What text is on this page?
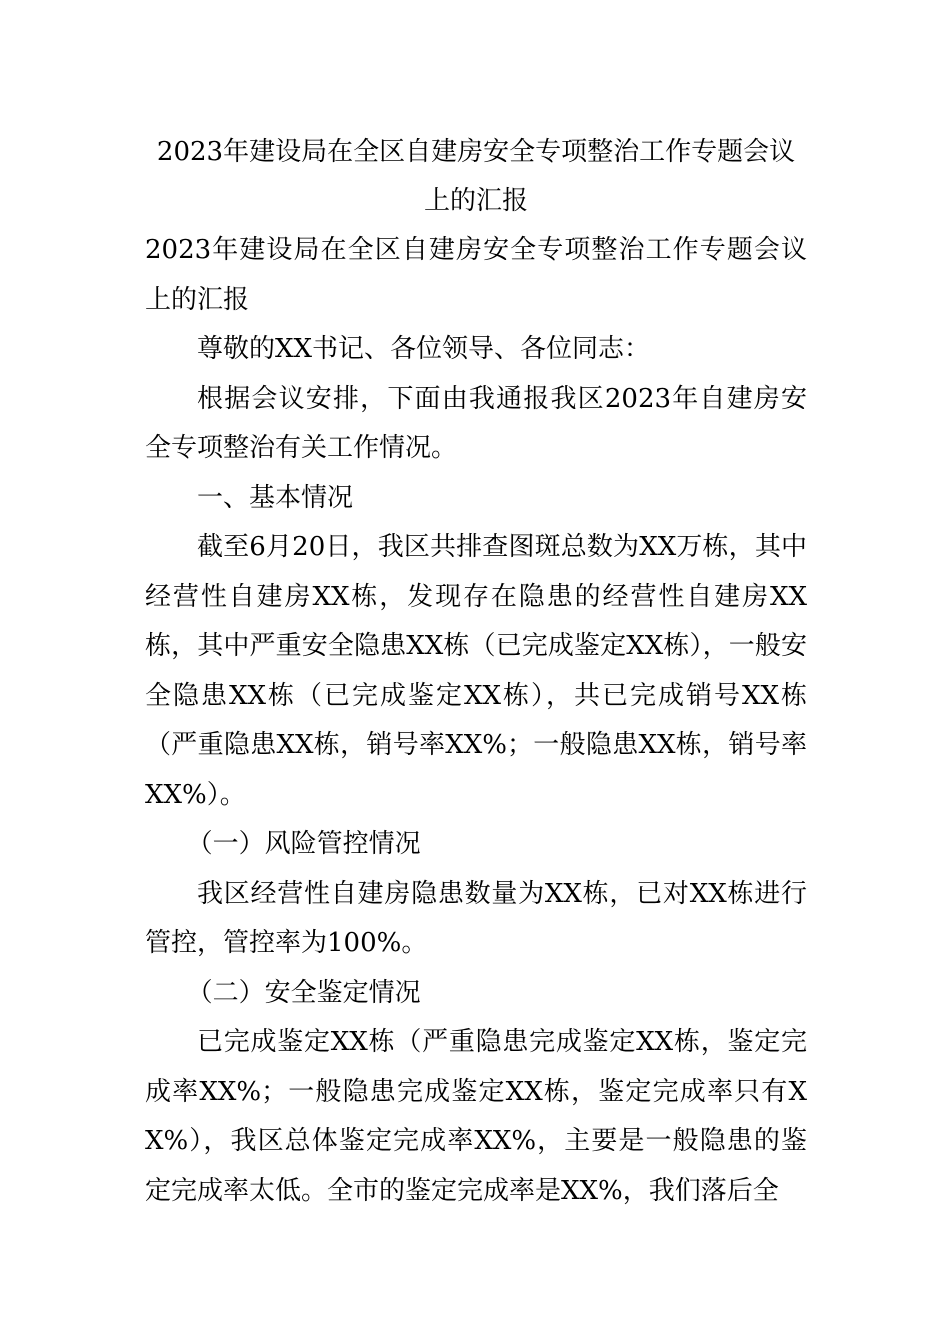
2023年建设局在全区自建房安全专项整治工作专题会议上的汇报

2023年建设局在全区自建房安全专项整治工作专题会议上的汇报

尊敬的XX书记、各位领导、各位同志：

根据会议安排，下面由我通报我区2023年自建房安全专项整治有关工作情况。

一、基本情况

截至6月20日，我区共排查图斑总数为XX万栋，其中经营性自建房XX栋，发现存在隐患的经营性自建房XX栋，其中严重安全隐患XX栋（已完成鉴定XX栋），一般安全隐患XX栋（已完成鉴定XX栋），共已完成销号XX栋（严重隐患XX栋，销号率XX%；一般隐患XX栋，销号率XX%）。

（一）风险管控情况

我区经营性自建房隐患数量为XX栋，已对XX栋进行管控，管控率为100%。

（二）安全鉴定情况

已完成鉴定XX栋（严重隐患完成鉴定XX栋，鉴定完成率XX%；一般隐患完成鉴定XX栋，鉴定完成率只有XX%），我区总体鉴定完成率XX%，主要是一般隐患的鉴定完成率太低。全市的鉴定完成率是XX%，我们落后全
